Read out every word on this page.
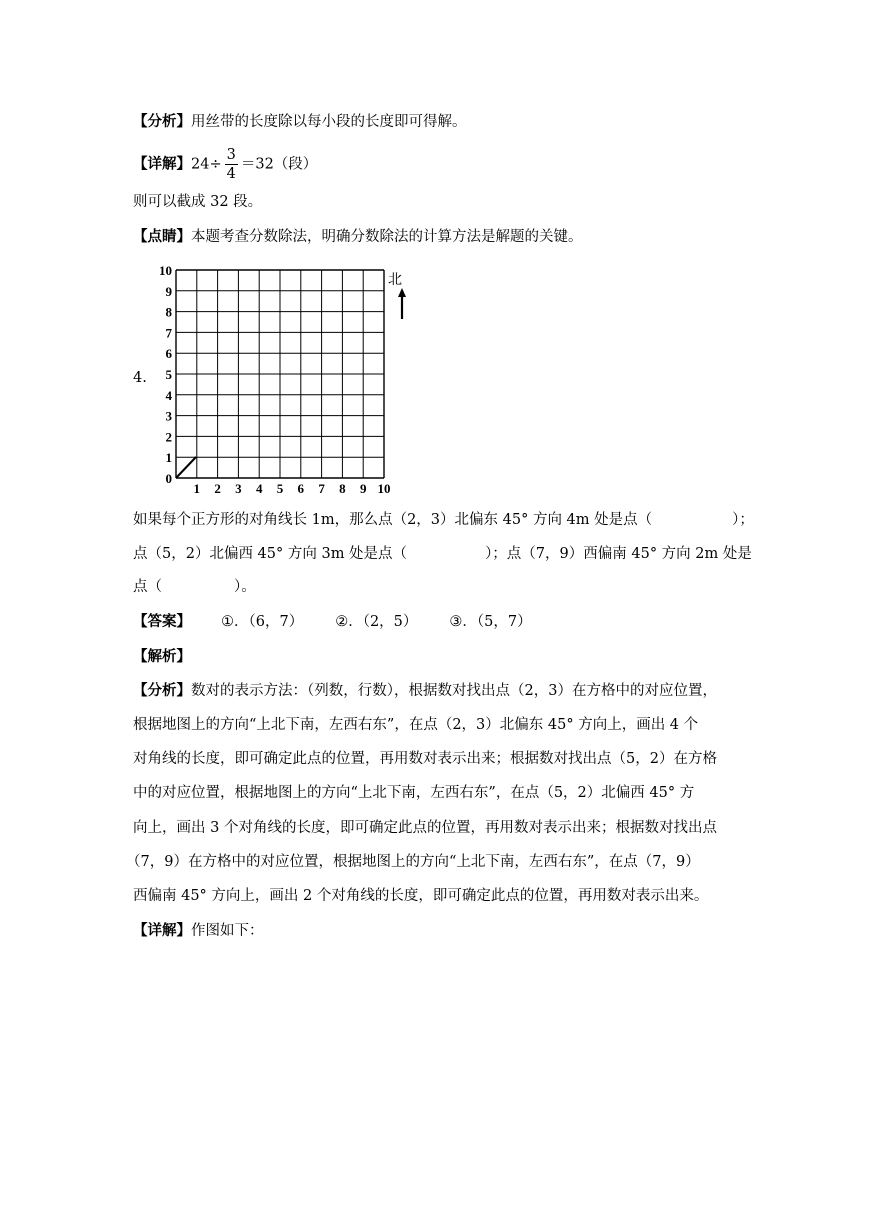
【分析】用丝带的长度除以每小段的长度即可得解。
【详解】$24\div \frac{3}{4} =32$（段）
则可以截成 32 段。
【点睛】本题考查分数除法，明确分数除法的计算方法是解题的关键。
4.
0
1
2
3
4
5
6
7
8
9
10
1 2 3 4 5 6 7 8 9 10
北
如果每个正方形的对角线长 1m，那么点（2，3）北偏东 45° 方向 4m 处是点（	）；
点（5，2）北偏西 45° 方向 3m 处是点（	）；点（7，9）西偏南 45° 方向 2m 处是
点（	）。
【答案】 ①．（6，7） ②．（2，5） ③．（5，7）
【解析】
【分析】数对的表示方法：（列数，行数），根据数对找出点（2，3）在方格中的对应位置，
根据地图上的方向“上北下南，左西右东”，在点（2，3）北偏东 45° 方向上，画出 4 个
对角线的长度，即可确定此点的位置，再用数对表示出来；根据数对找出点（5，2）在方格
中的对应位置，根据地图上的方向“上北下南，左西右东”，在点（5，2）北偏西 45° 方
向上，画出 3 个对角线的长度，即可确定此点的位置，再用数对表示出来；根据数对找出点
（7，9）在方格中的对应位置，根据地图上的方向“上北下南，左西右东”，在点（7，9）
西偏南 45° 方向上，画出 2 个对角线的长度，即可确定此点的位置，再用数对表示出来。
【详解】作图如下：
